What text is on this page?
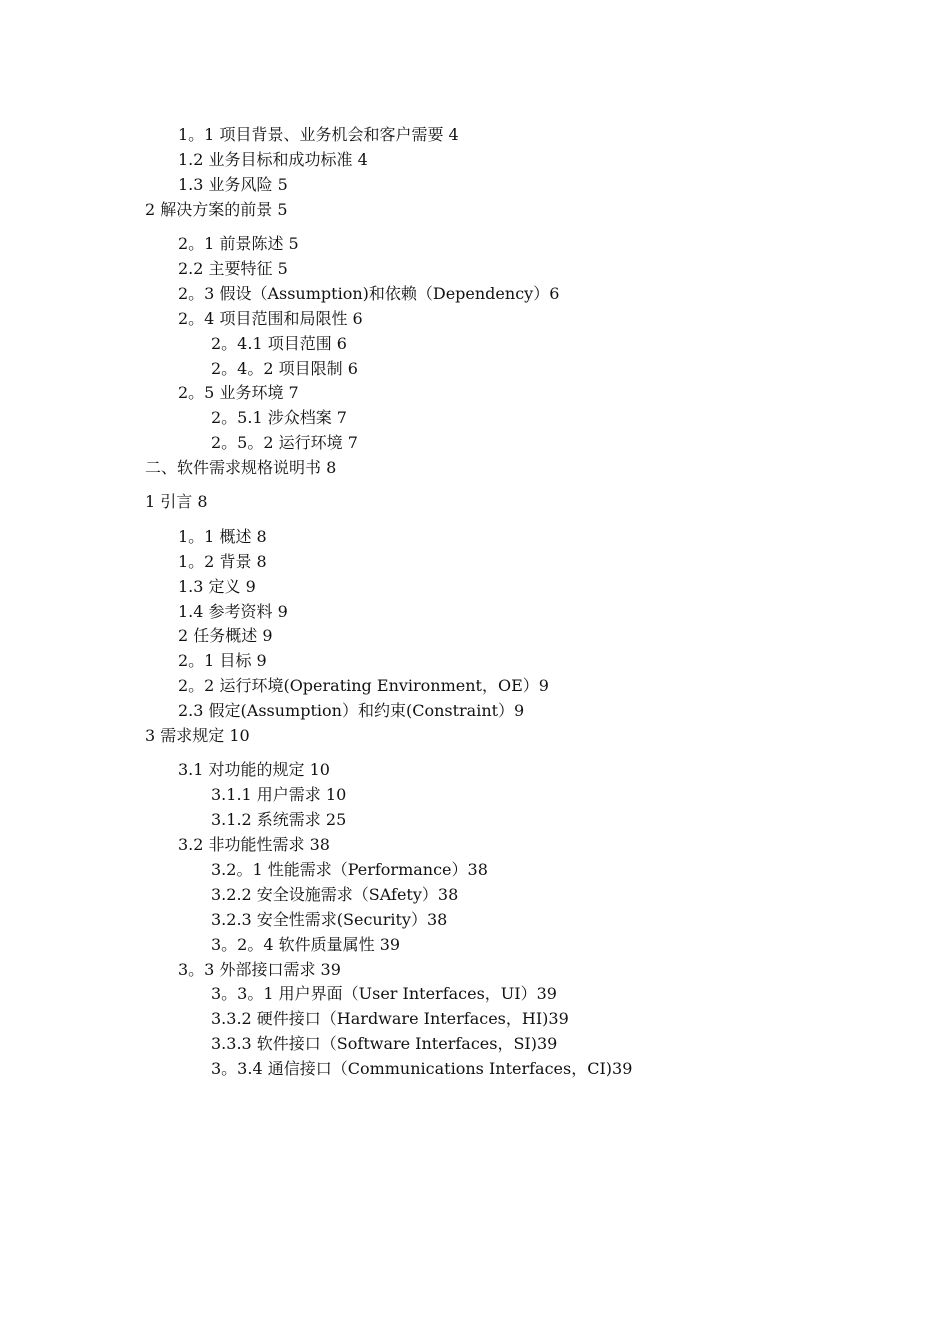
1。1 项目背景、业务机会和客户需要 4
1.2 业务目标和成功标准 4
1.3 业务风险 5
2 解决方案的前景 5
2。1 前景陈述 5
2.2 主要特征 5
2。3 假设（Assumption)和依赖（Dependency）6
2。4 项目范围和局限性 6
2。4.1 项目范围 6
2。4。2 项目限制 6
2。5 业务环境 7
2。5.1 涉众档案 7
2。5。2 运行环境 7
二、软件需求规格说明书 8
1 引言 8
1。1 概述 8
1。2 背景 8
1.3 定义 9
1.4 参考资料 9
2 任务概述 9
2。1 目标 9
2。2 运行环境(Operating Environment，OE）9
2.3 假定(Assumption）和约束(Constraint）9
3 需求规定 10
3.1 对功能的规定 10
3.1.1 用户需求 10
3.1.2 系统需求 25
3.2 非功能性需求 38
3.2。1 性能需求（Performance）38
3.2.2 安全设施需求（SAfety）38
3.2.3 安全性需求(Security）38
3。2。4 软件质量属性 39
3。3 外部接口需求 39
3。3。1 用户界面（User Interfaces，UI）39
3.3.2 硬件接口（Hardware Interfaces，HI)39
3.3.3 软件接口（Software Interfaces，SI)39
3。3.4 通信接口（Communications Interfaces，CI)39
